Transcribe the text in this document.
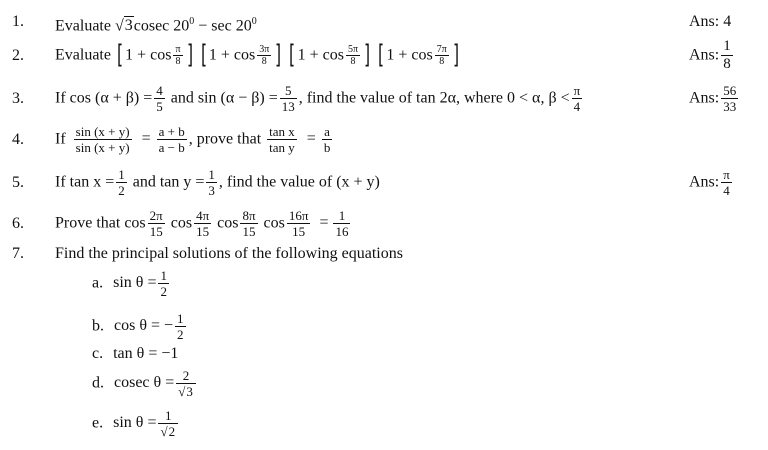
1. Evaluate √3cosec $20^0 - \sec 20^0$	Ans: 4
2. Evaluate [ $1 + \cos \frac{\pi}{8}$ ] [ $1 + \cos \frac{3\pi}{8}$ ] [ $1 + \cos \frac{5\pi}{8}$ ] [ $1 + \cos \frac{7\pi}{8}$ ]	Ans: $\frac{1}{8}$
3. If $\cos (\alpha + \beta) = \frac{4}{5}$ and $\sin (\alpha - \beta) = \frac{5}{13}$ , find the value of tan 2α, where 0 < α, $\beta < \frac{\pi}{4}$	Ans: $\frac{56}{33}$
4. If $\frac{\sin (x + y)}{\sin (x + y)} = \frac{a + b}{a - b}$ , prove that $\frac{\text{tan x}}{\text{tan y}} = \frac{a}{b}$
5. If $\tan x = \frac{1}{2}$ and $\tan y = \frac{1}{3}$ , find the value of (x + y)	Ans: $\frac{\pi}{4}$
6. Prove that $\cos \frac{2\pi}{15}$ $\cos \frac{4\pi}{15}$ $\cos \frac{8\pi}{15}$ $\cos \frac{16\pi}{15} = \frac{1}{16}$
7. Find the principal solutions of the following equations
a. $\sin \theta = \frac{1}{2}$
b. cos θ = − $\frac{1}{2}$
c. tan θ = −1
d. cosec $\theta = \frac{2}{√3}$
e. $\sin \theta = \frac{1}{√2}$
